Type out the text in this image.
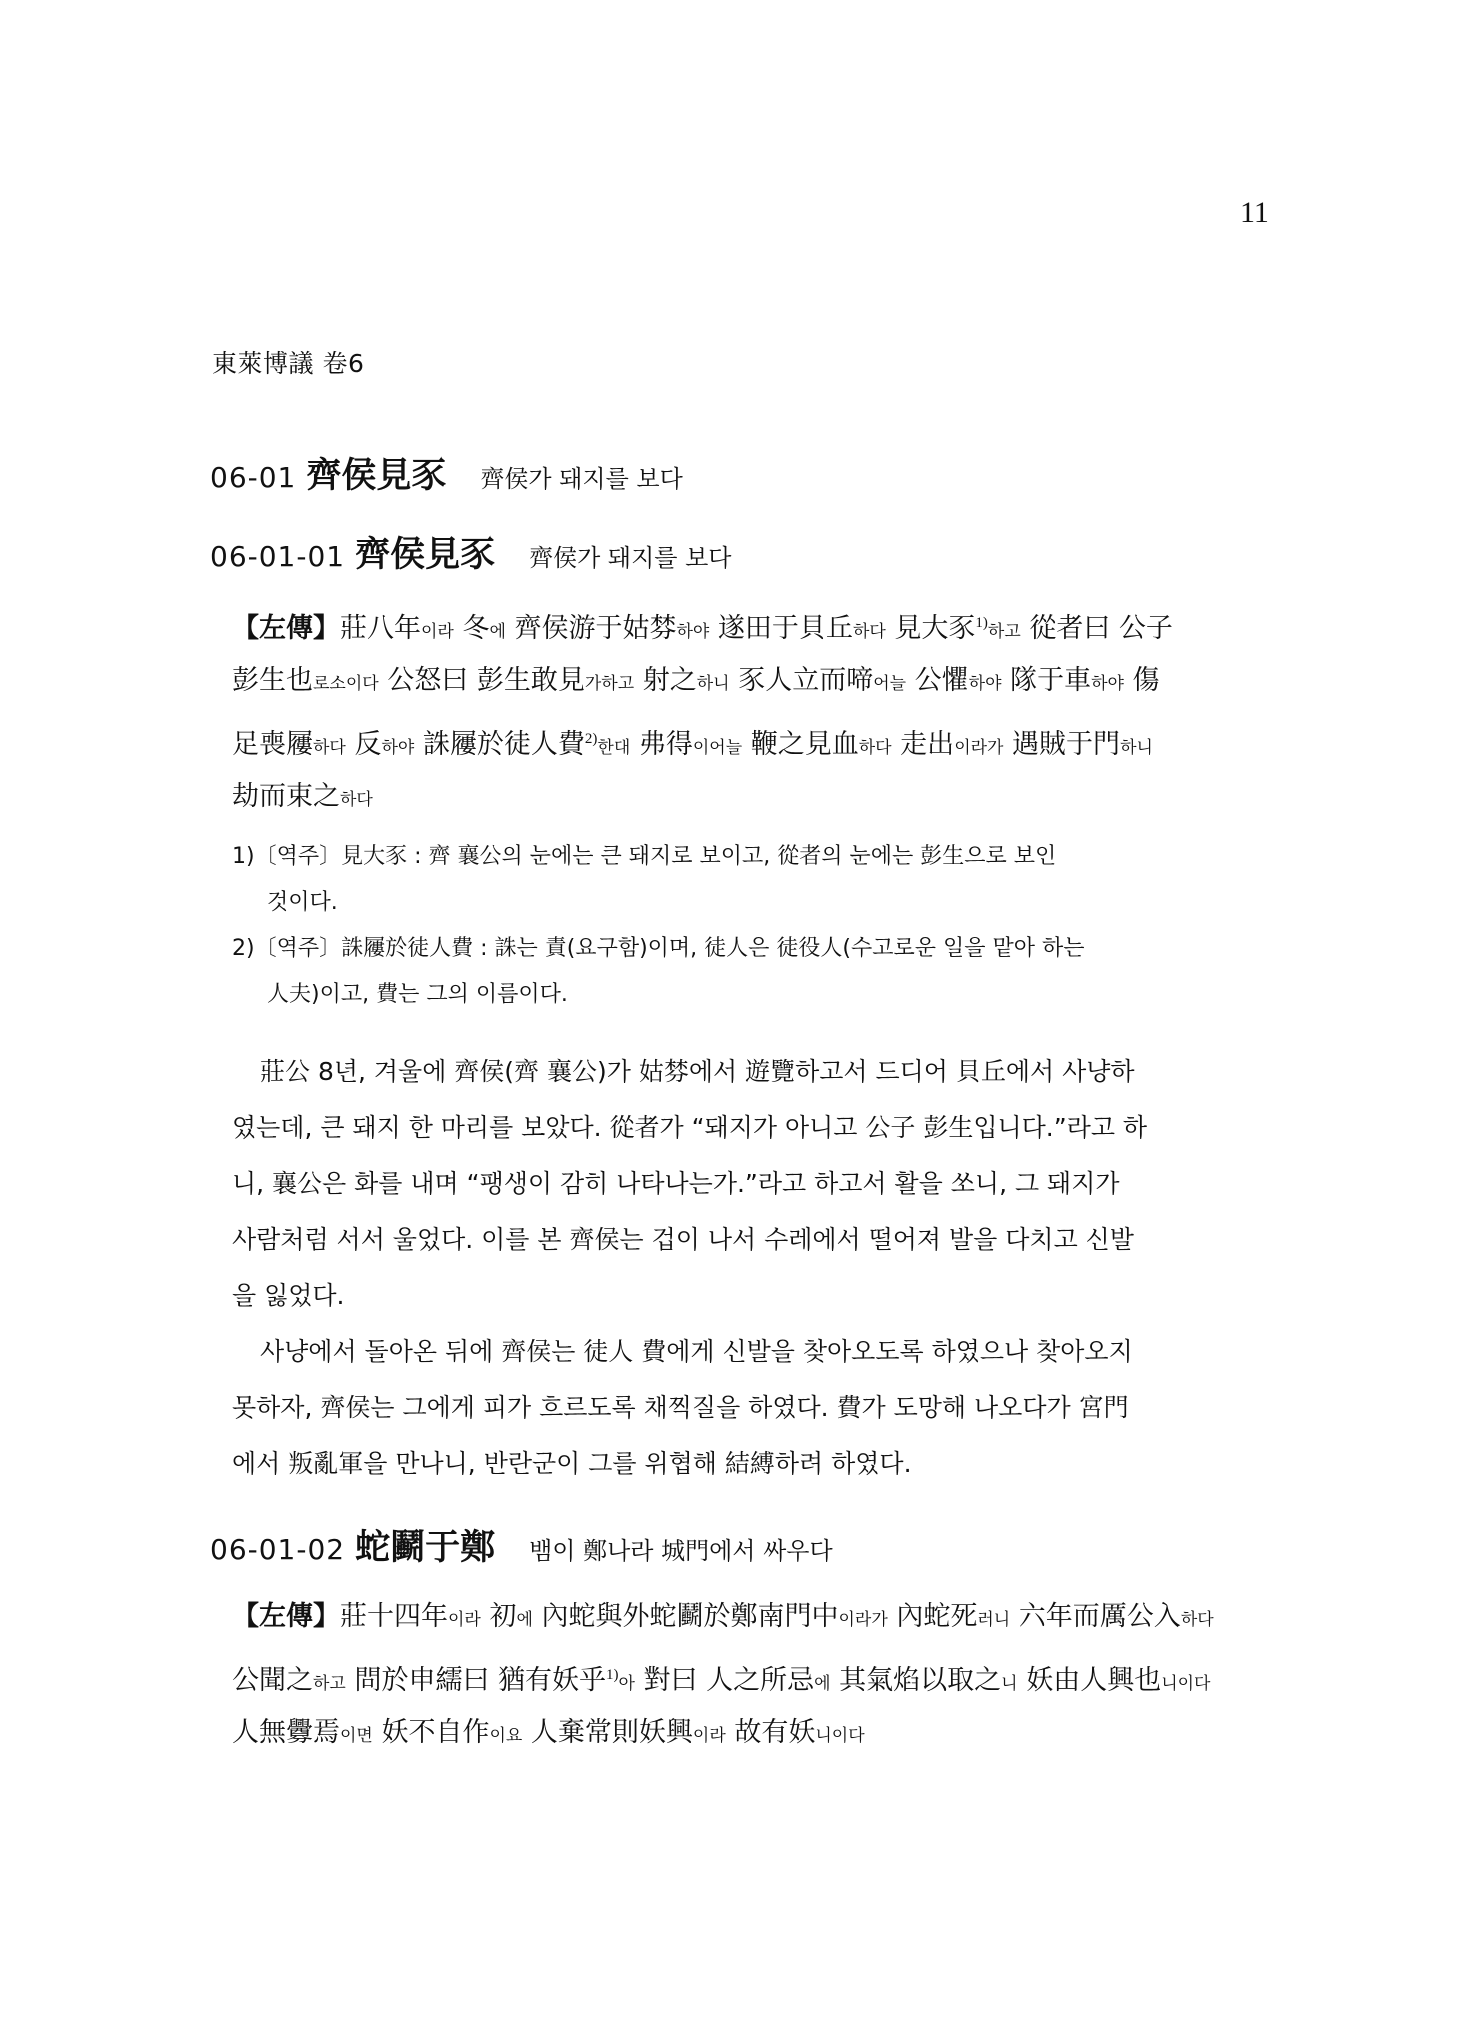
11
東萊博議 卷6
06-01 齊侯見豕 齊侯가 돼지를 보다
06-01-01 齊侯見豕 齊侯가 돼지를 보다
【左傳】莊八年이라 冬에 齊侯游于姑棼하야 遂田于貝丘하다 見大豕$^{1)}$하고 從者曰 公子
彭生也로소이다 公怒曰 彭生敢見가하고 射之하니 豕人立而啼어늘 公懼하야 隊于車하야 傷
足喪屨하다 反하야 誅屨於徒人費$^{2)}$한대 弗得이어늘 鞭之見血하다 走出이라가 遇賊于門하니
劫而束之하다
1)〔역주〕見大豕 : 齊 襄公의 눈에는 큰 돼지로 보이고, 從者의 눈에는 彭生으로 보인
것이다.
2)〔역주〕誅屨於徒人費 : 誅는 責(요구함)이며, 徒人은 徒役人(수고로운 일을 맡아 하는
人夫)이고, 費는 그의 이름이다.
莊公 8년, 겨울에 齊侯(齊 襄公)가 姑棼에서 遊覽하고서 드디어 貝丘에서 사냥하
였는데, 큰 돼지 한 마리를 보았다. 從者가 “돼지가 아니고 公子 彭生입니다.”라고 하
니, 襄公은 화를 내며 “팽생이 감히 나타나는가.”라고 하고서 활을 쏘니, 그 돼지가
사람처럼 서서 울었다. 이를 본 齊侯는 겁이 나서 수레에서 떨어져 발을 다치고 신발
을 잃었다.
사냥에서 돌아온 뒤에 齊侯는 徒人 費에게 신발을 찾아오도록 하였으나 찾아오지
못하자, 齊侯는 그에게 피가 흐르도록 채찍질을 하였다. 費가 도망해 나오다가 宮門
에서 叛亂軍을 만나니, 반란군이 그를 위협해 結縛하려 하였다.
06-01-02 蛇鬬于鄭 뱀이 鄭나라 城門에서 싸우다
【左傳】莊十四年이라 初에 內蛇與外蛇鬬於鄭南門中이라가 內蛇死러니 六年而厲公入하다
公聞之하고 問於申繻曰 猶有妖乎$^{1)}$아 對曰 人之所忌에 其氣焰以取之니 妖由人興也니이다
人無釁焉이면 妖不自作이요 人棄常則妖興이라 故有妖니이다
